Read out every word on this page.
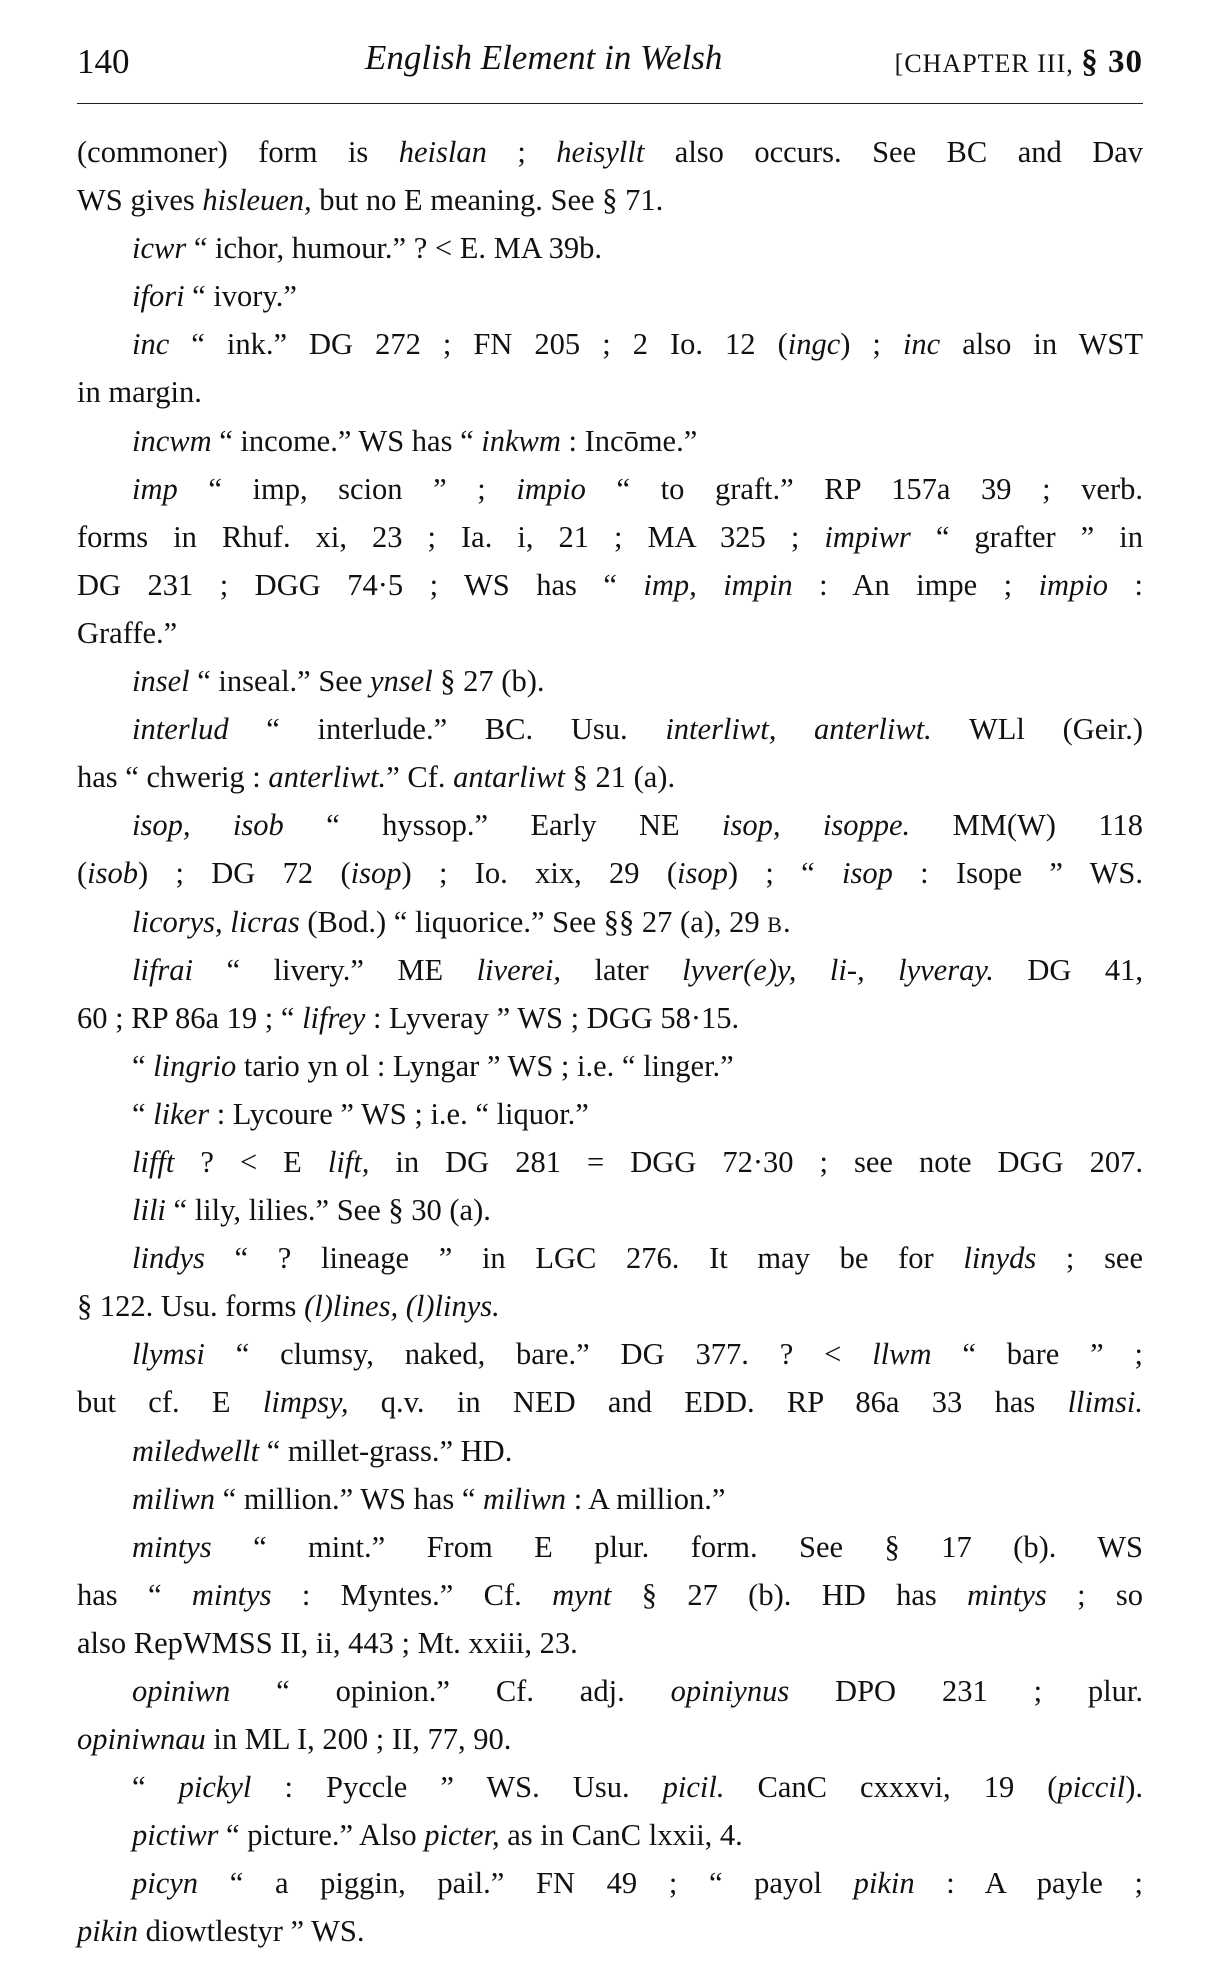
140	English Element in Welsh	[CHAPTER III, § 30
(commoner) form is heislan ; heisyllt also occurs. See BC and Dav
WS gives hisleuen, but no E meaning. See § 71.
icwr “ ichor, humour.” ? < E. MA 39b.
ifori “ ivory.”
inc “ ink.” DG 272 ; FN 205 ; 2 Io. 12 (ingc) ; inc also in WST
in margin.
incwm “ income.” WS has “ inkwm : Incōme.”
imp “ imp, scion ” ; impio “ to graft.” RP 157a 39 ; verb.
forms in Rhuf. xi, 23 ; Ia. i, 21 ; MA 325 ; impiwr “ grafter ” in
DG 231 ; DGG 74·5 ; WS has “ imp, impin : An impe ; impio :
Graffe.”
insel “ inseal.” See ynsel § 27 (b).
interlud “ interlude.” BC. Usu. interliwt, anterliwt. WLl (Geir.)
has “ chwerig : anterliwt.” Cf. antarliwt § 21 (a).
isop, isob “ hyssop.” Early NE isop, isoppe. MM(W) 118
(isob) ; DG 72 (isop) ; Io. xix, 29 (isop) ; “ isop : Isope ” WS.
licorys, licras (Bod.) “ liquorice.” See §§ 27 (a), 29 B.
lifrai “ livery.” ME liverei, later lyver(e)y, li-, lyveray. DG 41,
60 ; RP 86a 19 ; “ lifrey : Lyveray ” WS ; DGG 58·15.
“ lingrio tario yn ol : Lyngar ” WS ; i.e. “ linger.”
“ liker : Lycoure ” WS ; i.e. “ liquor.”
lifft ? < E lift, in DG 281 = DGG 72·30 ; see note DGG 207.
lili “ lily, lilies.” See § 30 (a).
lindys “ ? lineage ” in LGC 276. It may be for linyds ; see
§ 122. Usu. forms (l)lines, (l)linys.
llymsi “ clumsy, naked, bare.” DG 377. ? < llwm “ bare ” ;
but cf. E limpsy, q.v. in NED and EDD. RP 86a 33 has llimsi.
miledwellt “ millet-grass.” HD.
miliwn “ million.” WS has “ miliwn : A million.”
mintys “ mint.” From E plur. form. See § 17 (b). WS
has “ mintys : Myntes.” Cf. mynt § 27 (b). HD has mintys ; so
also RepWMSS II, ii, 443 ; Mt. xxiii, 23.
opiniwn “ opinion.” Cf. adj. opiniynus DPO 231 ; plur.
opiniwnau in ML I, 200 ; II, 77, 90.
“ pickyl : Pyccle ” WS. Usu. picil. CanC cxxxvi, 19 (piccil).
pictiwr “ picture.” Also picter, as in CanC lxxii, 4.
picyn “ a piggin, pail.” FN 49 ; “ payol pikin : A payle ;
pikin diowtlestyr ” WS.
